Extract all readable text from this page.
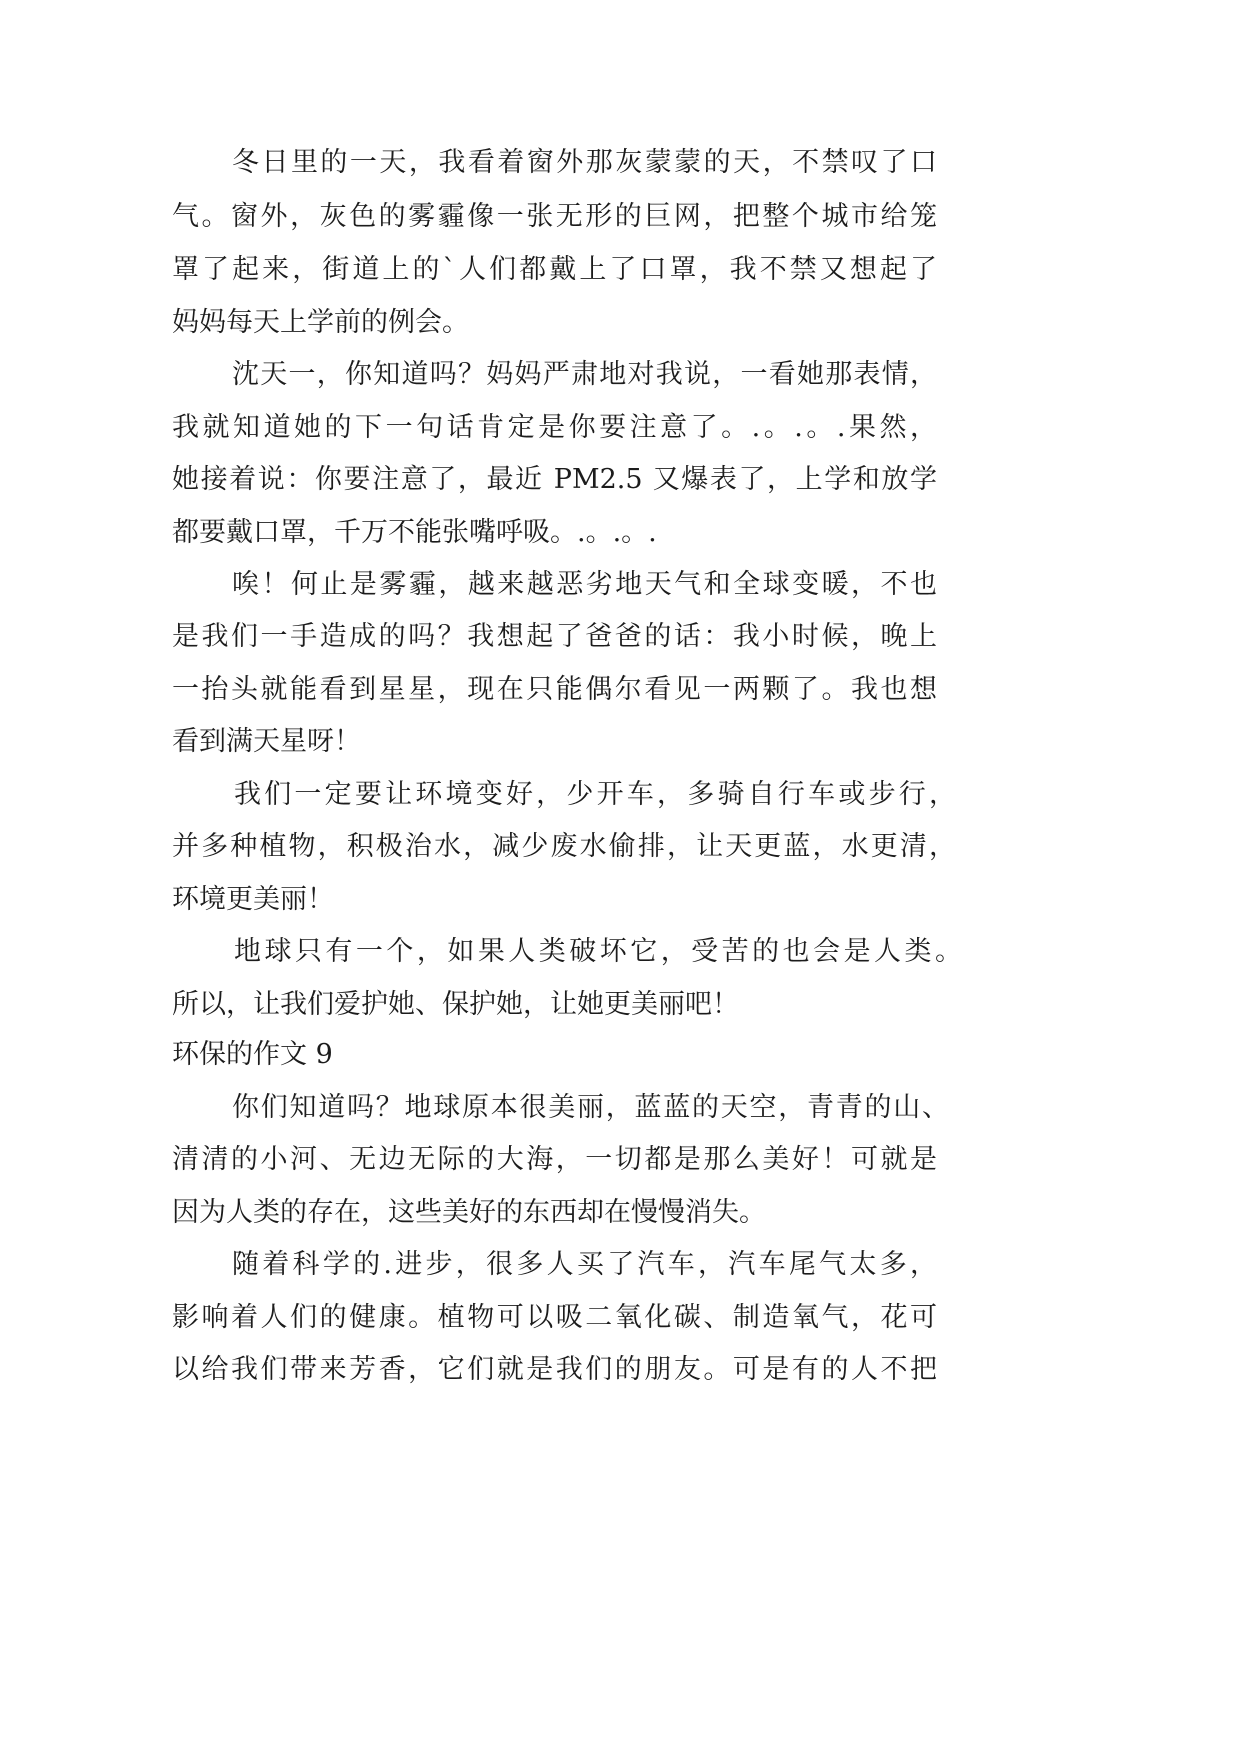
冬日里的一天，我看着窗外那灰蒙蒙的天，不禁叹了口
气。窗外，灰色的雾霾像一张无形的巨网，把整个城市给笼
罩了起来，街道上的`人们都戴上了口罩，我不禁又想起了
妈妈每天上学前的例会。
沈天一，你知道吗？妈妈严肃地对我说，一看她那表情，
我就知道她的下一句话肯定是你要注意了。.。.。.果然，
她接着说：你要注意了，最近 PM2.5 又爆表了，上学和放学
都要戴口罩，千万不能张嘴呼吸。.。.。.
唉！何止是雾霾，越来越恶劣地天气和全球变暖，不也
是我们一手造成的吗？我想起了爸爸的话：我小时候，晚上
一抬头就能看到星星，现在只能偶尔看见一两颗了。我也想
看到满天星呀！
我们一定要让环境变好，少开车，多骑自行车或步行，
并多种植物，积极治水，减少废水偷排，让天更蓝，水更清，
环境更美丽！
地球只有一个，如果人类破坏它，受苦的也会是人类。
所以，让我们爱护她、保护她，让她更美丽吧！
环保的作文 9
你们知道吗？地球原本很美丽，蓝蓝的天空，青青的山、
清清的小河、无边无际的大海，一切都是那么美好！可就是
因为人类的存在，这些美好的东西却在慢慢消失。
随着科学的.进步，很多人买了汽车，汽车尾气太多，
影响着人们的健康。植物可以吸二氧化碳、制造氧气，花可
以给我们带来芳香，它们就是我们的朋友。可是有的人不把
